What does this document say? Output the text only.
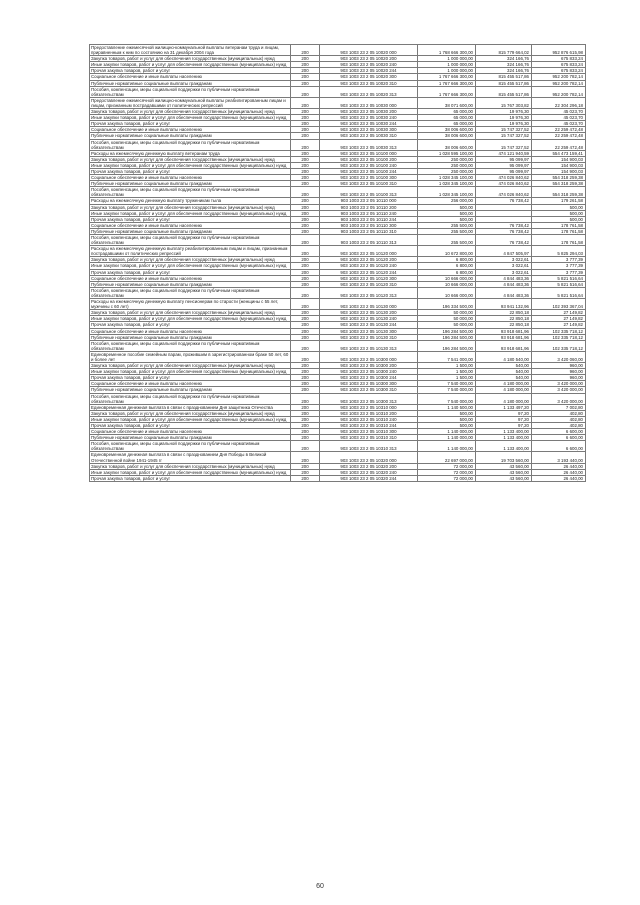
Предоставление ежемесячной жилищно-коммунальной выплаты ветеранам труда и лицам, приравненным к ним по состоянию на 31 декабря 2004 года	200	903 1003 23 2 05 10020 000	1 768 666 300,00	815 779 664,02	952 876 615,98
Закупка товаров, работ и услуг для обеспечения государственных (муниципальных) нужд	200	903 1003 23 2 05 10020 200	1 000 000,00	324 166,76	675 833,24
Иные закупки товаров, работ и услуг для обеспечения государственных (муниципальных) нужд	200	903 1003 23 2 05 10020 240	1 000 000,00	324 166,76	675 833,24
Прочая закупка товаров, работ и услуг	200	903 1003 23 2 05 10020 244	1 000 000,00	324 166,76	675 833,24
Социальное обеспечение и иные выплаты населению	200	903 1003 23 2 05 10020 300	1 767 666 300,00	815 455 517,86	952 200 782,14
Публичные нормативные социальные выплаты гражданам	200	903 1003 23 2 05 10020 310	1 767 666 300,00	815 455 517,86	952 200 782,14
Пособия, компенсации, меры социальной поддержки по публичным нормативным обязательствам	200	903 1003 23 2 05 10020 313	1 767 666 300,00	815 455 517,86	952 200 782,14
Предоставление ежемесячной жилищно-коммунальной выплаты реабилитированным лицам и лицам, признанным пострадавшими от политических репрессий	200	903 1003 23 2 05 10030 000	38 071 600,00	15 767 303,82	22 304 296,18
Закупка товаров, работ и услуг для обеспечения государственных (муниципальных) нужд	200	903 1003 23 2 05 10030 200	65 000,00	19 976,30	45 023,70
Иные закупки товаров, работ и услуг для обеспечения государственных (муниципальных) нужд	200	903 1003 23 2 05 10030 240	65 000,00	19 976,30	45 023,70
Прочая закупка товаров, работ и услуг	200	903 1003 23 2 05 10030 244	65 000,00	19 976,30	45 023,70
Социальное обеспечение и иные выплаты населению	200	903 1003 23 2 05 10030 300	38 006 600,00	15 747 327,52	22 259 472,48
Публичные нормативные социальные выплаты гражданам	200	903 1003 23 2 05 10030 310	38 006 600,00	15 747 327,52	22 259 472,48
Пособия, компенсации, меры социальной поддержки по публичным нормативным обязательствам	200	903 1003 23 2 05 10030 313	38 006 600,00	15 747 327,52	22 259 472,48
Расходы на ежемесячную денежную выплату ветеранам труда	200	903 1003 23 2 05 10100 000	1 028 595 100,00	474 121 940,59	554 473 159,41
Закупка товаров, работ и услуг для обеспечения государственных (муниципальных) нужд	200	903 1003 23 2 05 10100 200	250 000,00	95 099,97	154 900,03
Иные закупки товаров, работ и услуг для обеспечения государственных (муниципальных) нужд	200	903 1003 23 2 05 10100 240	250 000,00	95 099,97	154 900,03
Прочая закупка товаров, работ и услуг	200	903 1003 23 2 05 10100 244	250 000,00	95 099,97	154 900,03
Социальное обеспечение и иные выплаты населению	200	903 1003 23 2 05 10100 300	1 028 345 100,00	474 026 840,62	554 318 259,38
Публичные нормативные социальные выплаты гражданам	200	903 1003 23 2 05 10100 310	1 028 345 100,00	474 026 840,62	554 318 259,38
Пособия, компенсации, меры социальной поддержки по публичным нормативным обязательствам	200	903 1003 23 2 05 10100 313	1 028 345 100,00	474 026 840,62	554 318 259,38
Расходы на ежемесячную денежную выплату труженикам тыла	200	903 1003 23 2 05 10110 000	256 000,00	76 738,42	179 261,58
Закупка товаров, работ и услуг для обеспечения государственных (муниципальных) нужд	200	903 1003 23 2 05 10110 200	500,00		500,00
Иные закупки товаров, работ и услуг для обеспечения государственных (муниципальных) нужд	200	903 1003 23 2 05 10110 240	500,00		500,00
Прочая закупка товаров, работ и услуг	200	903 1003 23 2 05 10110 244	500,00		500,00
Социальное обеспечение и иные выплаты населению	200	903 1003 23 2 05 10110 300	255 500,00	76 738,42	178 761,58
Публичные нормативные социальные выплаты гражданам	200	903 1003 23 2 05 10110 310	255 500,00	76 738,42	178 761,58
Пособия, компенсации, меры социальной поддержки по публичным нормативным обязательствам	200	903 1003 23 2 05 10110 313	255 500,00	76 738,42	178 761,58
Расходы на ежемесячную денежную выплату реабилитированным лицам и лицам, признанным пострадавшими от политических репрессий	200	903 1003 23 2 05 10120 000	10 672 800,00	4 847 505,97	5 825 294,03
Закупка товаров, работ и услуг для обеспечения государственных (муниципальных) нужд	200	903 1003 23 2 05 10120 200	6 800,00	3 022,61	3 777,39
Иные закупки товаров, работ и услуг для обеспечения государственных (муниципальных) нужд	200	903 1003 23 2 05 10120 240	6 800,00	3 022,61	3 777,39
Прочая закупка товаров, работ и услуг	200	903 1003 23 2 05 10120 244	6 800,00	3 022,61	3 777,39
Социальное обеспечение и иные выплаты населению	200	903 1003 23 2 05 10120 300	10 666 000,00	4 844 483,36	5 821 516,64
Публичные нормативные социальные выплаты гражданам	200	903 1003 23 2 05 10120 310	10 666 000,00	4 844 483,36	5 821 516,64
Пособия, компенсации, меры социальной поддержки по публичным нормативным обязательствам	200	903 1003 23 2 05 10120 313	10 666 000,00	4 844 483,36	5 821 516,64
Расходы на ежемесячную денежную выплату пенсионерам по старости (женщины с 55 лет, мужчины с 60 лет)	200	903 1003 23 2 05 10130 000	196 334 500,00	93 941 132,96	102 393 367,04
Закупка товаров, работ и услуг для обеспечения государственных (муниципальных) нужд	200	903 1003 23 2 05 10130 200	50 000,00	22 850,18	27 149,82
Иные закупки товаров, работ и услуг для обеспечения государственных (муниципальных) нужд	200	903 1003 23 2 05 10130 240	50 000,00	22 850,18	27 149,82
Прочая закупка товаров, работ и услуг	200	903 1003 23 2 05 10130 244	50 000,00	22 850,18	27 149,82
Социальное обеспечение и иные выплаты населению	200	903 1003 23 2 05 10130 300	196 284 500,00	93 918 681,96	102 335 718,12
Публичные нормативные социальные выплаты гражданам	200	903 1003 23 2 05 10130 310	196 284 500,00	93 918 681,96	102 335 718,12
Пособия, компенсации, меры социальной поддержки по публичным нормативным обязательствам	200	903 1003 23 2 05 10130 313	196 284 500,00	93 918 681,96	102 335 718,12
Единовременное пособие семейным парам, прожившим в зарегистрированном браке 50 лет, 60 и более лет	200	903 1003 23 2 05 10300 000	7 541 000,00	4 180 540,00	3 420 060,00
Закупка товаров, работ и услуг для обеспечения государственных (муниципальных) нужд	200	903 1003 23 2 05 10300 200	1 500,00	540,00	960,00
Иные закупки товаров, работ и услуг для обеспечения государственных (муниципальных) нужд	200	903 1003 23 2 05 10300 240	1 500,00	540,00	960,00
Прочая закупка товаров, работ и услуг	200	903 1003 23 2 05 10300 244	1 500,00	540,00	960,00
Социальное обеспечение и иные выплаты населению	200	903 1003 23 2 05 10300 300	7 540 000,00	4 180 000,00	3 420 000,00
Публичные нормативные социальные выплаты гражданам	200	903 1003 23 2 05 10300 310	7 540 000,00	4 180 000,00	3 420 000,00
Пособия, компенсации, меры социальной поддержки по публичным нормативным обязательствам	200	903 1003 23 2 05 10300 313	7 540 000,00	4 180 000,00	3 420 000,00
Единовременная денежная выплата в связи с празднованием Дня защитника Отечества	200	903 1003 23 2 05 10310 000	1 140 500,00	1 133 497,20	7 002,80
Закупка товаров, работ и услуг для обеспечения государственных (муниципальных) нужд	200	903 1003 23 2 05 10310 200	500,00	97,20	402,80
Иные закупки товаров, работ и услуг для обеспечения государственных (муниципальных) нужд	200	903 1003 23 2 05 10310 240	500,00	97,20	402,80
Прочая закупка товаров, работ и услуг	200	903 1003 23 2 05 10310 244	500,00	97,20	402,80
Социальное обеспечение и иные выплаты населению	200	903 1003 23 2 05 10310 300	1 140 000,00	1 133 400,00	6 600,00
Публичные нормативные социальные выплаты гражданам	200	903 1003 23 2 05 10310 310	1 140 000,00	1 133 400,00	6 600,00
Пособия, компенсации, меры социальной поддержки по публичным нормативным обязательствам	200	903 1003 23 2 05 10310 313	1 140 000,00	1 133 400,00	6 600,00
Единовременная денежная выплата в связи с празднованием Дня Победы в Великой Отечественной войне 1941-1945 гг	200	903 1003 23 2 05 10320 000	22 697 000,00	19 703 560,00	3 193 440,00
Закупка товаров, работ и услуг для обеспечения государственных (муниципальных) нужд	200	903 1003 23 2 05 10320 200	72 000,00	43 560,00	26 440,00
Иные закупки товаров, работ и услуг для обеспечения государственных (муниципальных) нужд	200	903 1003 23 2 05 10320 240	72 000,00	43 560,00	26 440,00
Прочая закупка товаров, работ и услуг	200	903 1003 23 2 05 10320 244	72 000,00	43 560,00	26 440,00
60
